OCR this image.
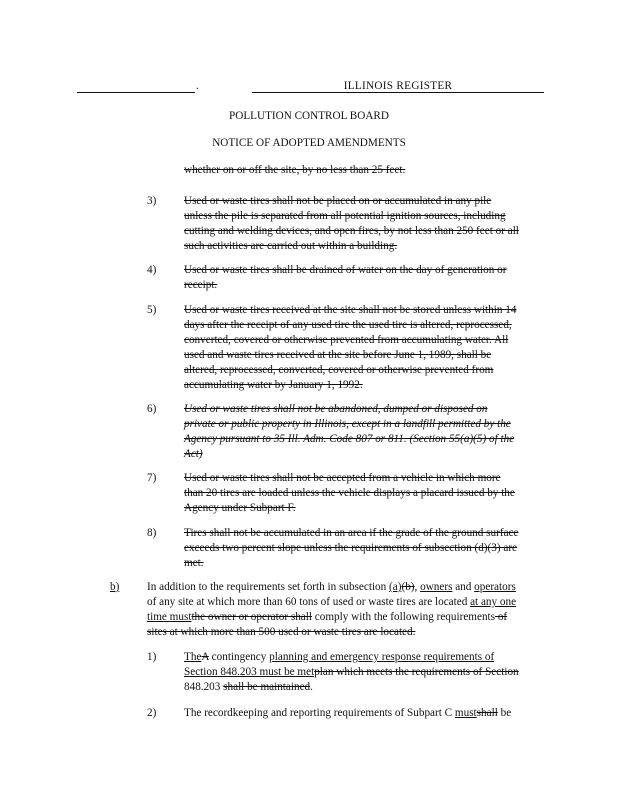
.	ILLINOIS REGISTER
POLLUTION CONTROL BOARD
NOTICE OF ADOPTED AMENDMENTS
whether on or off the site, by no less than 25 feet.
3)	Used or waste tires shall not be placed on or accumulated in any pile
unless the pile is separated from all potential ignition sources, including
cutting and welding devices, and open fires, by not less than 250 feet or all
such activities are carried out within a building.
4)	Used or waste tires shall be drained of water on the day of generation or
receipt.
5)	Used or waste tires received at the site shall not be stored unless within 14
days after the receipt of any used tire the used tire is altered, reprocessed,
converted, covered or otherwise prevented from accumulating water. All
used and waste tires received at the site before June 1, 1989, shall be
altered, reprocessed, converted, covered or otherwise prevented from
accumulating water by January 1, 1992.
6)	Used or waste tires shall not be abandoned, dumped or disposed on
private or public property in Illinois, except in a landfill permitted by the
Agency pursuant to 35 Ill. Adm. Code 807 or 811. (Section 55(a)(5) of the
Act)
7)	Used or waste tires shall not be accepted from a vehicle in which more
than 20 tires are loaded unless the vehicle displays a placard issued by the
Agency under Subpart F.
8)	Tires shall not be accumulated in an area if the grade of the ground surface
exceeds two percent slope unless the requirements of subsection (d)(3) are
met.
b) In addition to the requirements set forth in subsection (a)(b), owners and operators
of any site at which more than 60 tons of used or waste tires are located at any one
time mustthe owner or operator shall comply with the following requirements of
sites at which more than 500 used or waste tires are located.
1)	TheA contingency planning and emergency response requirements of
Section 848.203 must be metplan which meets the requirements of Section
848.203 shall be maintained.
2)	The recordkeeping and reporting requirements of Subpart C mustshall be
